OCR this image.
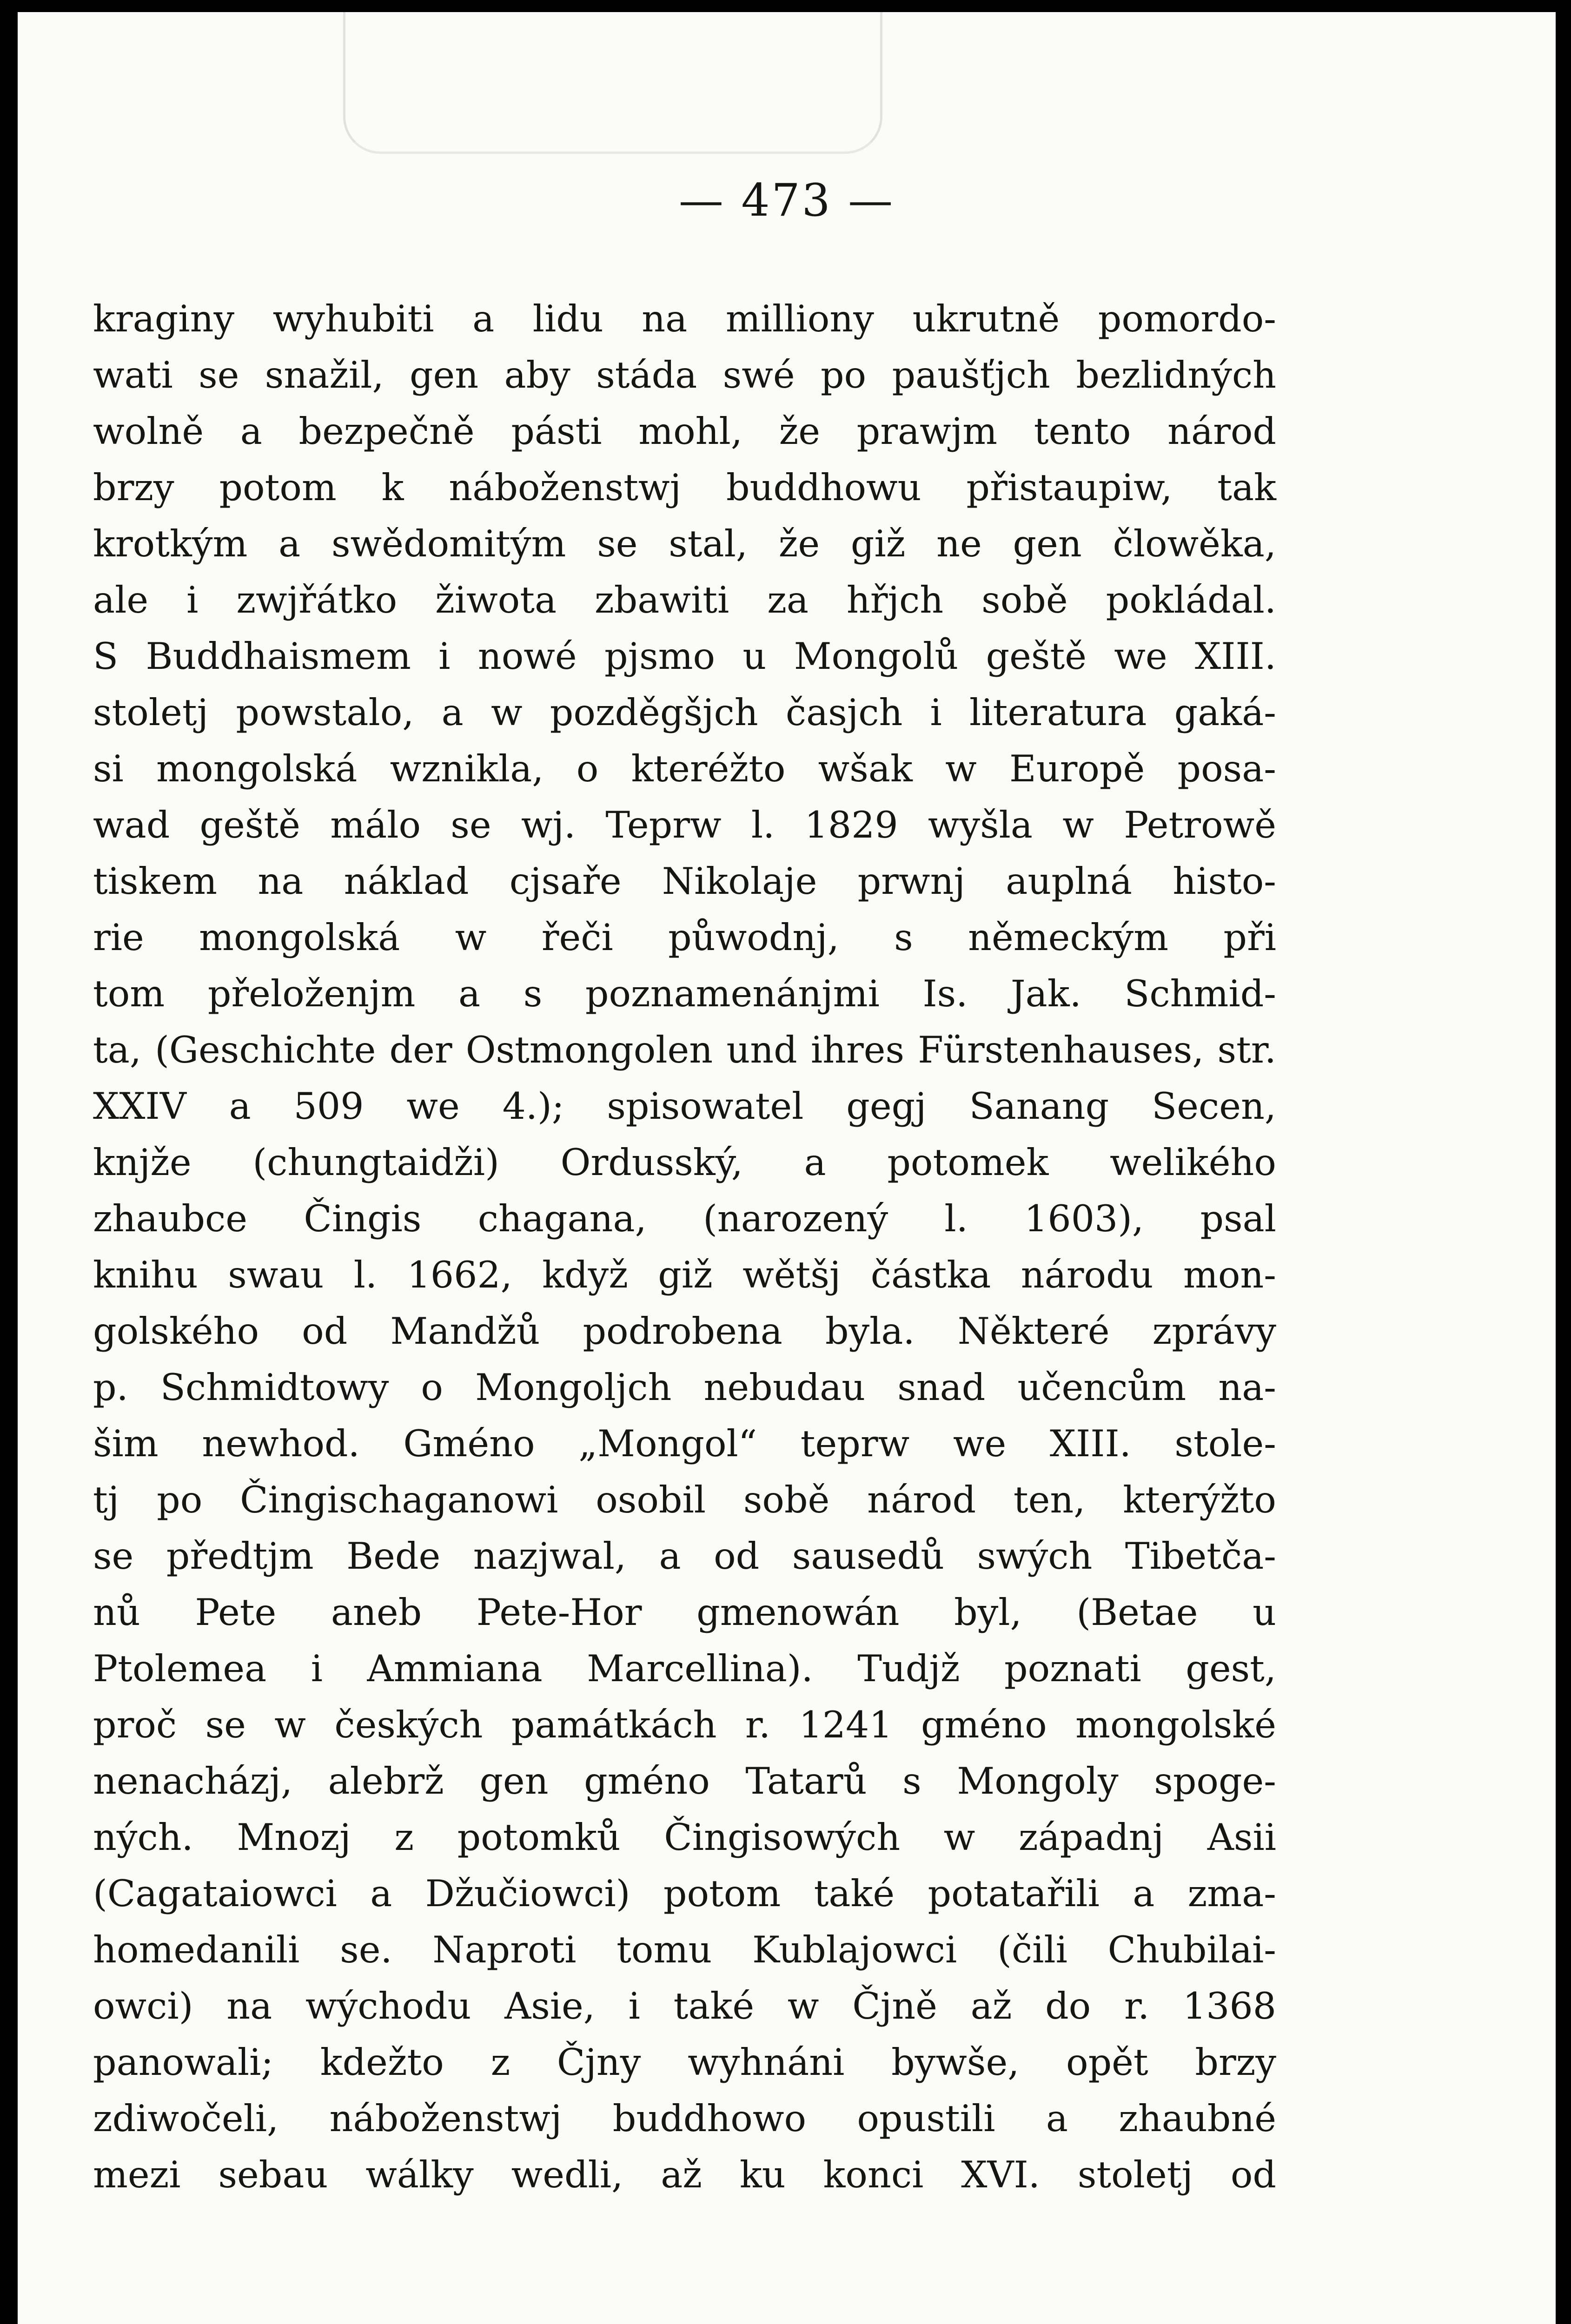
— 473 —
kraginy wyhubiti a lidu na milliony ukrutně pomordo-
wati se snažil, gen aby stáda swé po paušťjch bezlidných
wolně a bezpečně pásti mohl, že prawjm tento národ
brzy potom k náboženstwj buddhowu přistaupiw, tak
krotkým a swědomitým se stal, že giž ne gen člowěka,
ale i zwjřátko žiwota zbawiti za hřjch sobě pokládal.
S Buddhaismem i nowé pjsmo u Mongolů geště we XIII.
stoletj powstalo, a w pozděgšjch časjch i literatura gaká-
si mongolská wznikla, o kteréžto wšak w Europě posa-
wad geště málo se wj. Teprw l. 1829 wyšla w Petrowě
tiskem na náklad cjsaře Nikolaje prwnj auplná histo-
rie mongolská w řeči půwodnj, s německým při
tom přeloženjm a s poznamenánjmi Is. Jak. Schmid-
ta, (Geschichte der Ostmongolen und ihres Fürstenhauses, str.
XXIV a 509 we 4.); spisowatel gegj Sanang Secen,
knjže (chungtaidži) Ordusský, a potomek welikého
zhaubce Čingis chagana, (narozený l. 1603), psal
knihu swau l. 1662, když giž wětšj částka národu mon-
golského od Mandžů podrobena byla. Některé zprávy
p. Schmidtowy o Mongoljch nebudau snad učencům na-
šim newhod. Gméno „Mongol“ teprw we XIII. stole-
tj po Čingischaganowi osobil sobě národ ten, kterýžto
se předtjm Bede nazjwal, a od sausedů swých Tibetča-
nů Pete aneb Pete-Hor gmenowán byl, (Betae u
Ptolemea i Ammiana Marcellina). Tudjž poznati gest,
proč se w českých památkách r. 1241 gméno mongolské
nenacházj, alebrž gen gméno Tatarů s Mongoly spoge-
ných. Mnozj z potomků Čingisowých w západnj Asii
(Cagataiowci a Džučiowci) potom také potatařili a zma-
homedanili se. Naproti tomu Kublajowci (čili Chubilai-
owci) na wýchodu Asie, i také w Čjně až do r. 1368
panowali; kdežto z Čjny wyhnáni bywše, opět brzy
zdiwočeli, náboženstwj buddhowo opustili a zhaubné
mezi sebau wálky wedli, až ku konci XVI. stoletj od
